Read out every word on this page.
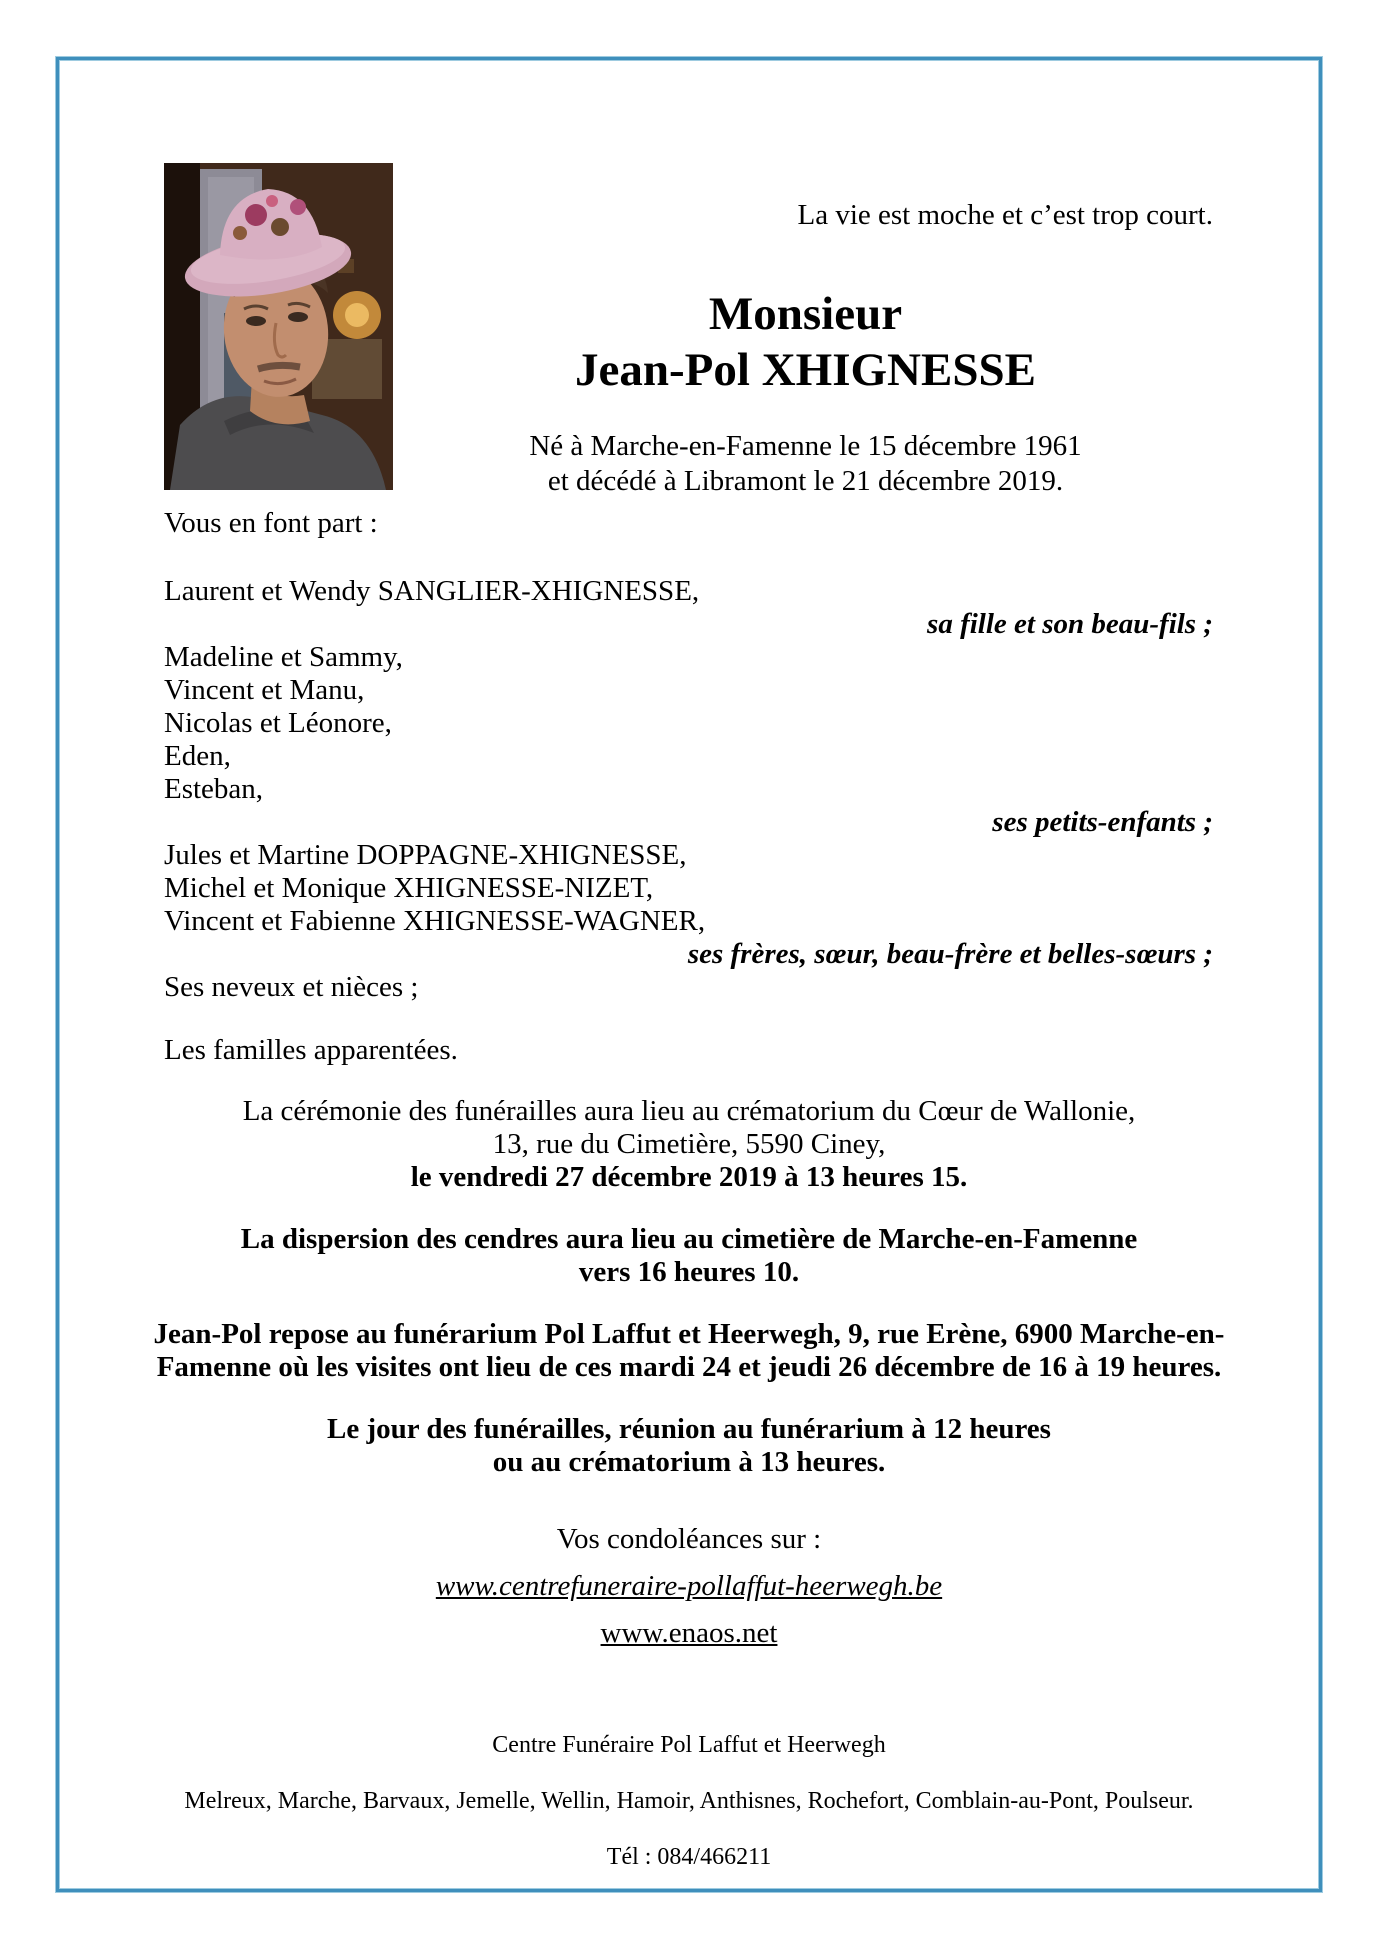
La vie est moche et c’est trop court.
Monsieur
Jean-Pol XHIGNESSE
Né à Marche-en-Famenne le 15 décembre 1961
et décédé à Libramont le 21 décembre 2019.
Vous en font part :
Laurent et Wendy SANGLIER-XHIGNESSE,
sa fille et son beau-fils ;
Madeline et Sammy,
Vincent et Manu,
Nicolas et Léonore,
Eden,
Esteban,
ses petits-enfants ;
Jules et Martine DOPPAGNE-XHIGNESSE,
Michel et Monique XHIGNESSE-NIZET,
Vincent et Fabienne XHIGNESSE-WAGNER,
ses frères, sœur, beau-frère et belles-sœurs ;
Ses neveux et nièces ;
Les familles apparentées.
La cérémonie des funérailles aura lieu au crématorium du Cœur de Wallonie,
13, rue du Cimetière, 5590 Ciney,
le vendredi 27 décembre 2019 à 13 heures 15.
La dispersion des cendres aura lieu au cimetière de Marche-en-Famenne
vers 16 heures 10.
Jean-Pol repose au funérarium Pol Laffut et Heerwegh, 9, rue Erène, 6900 Marche-en-
Famenne où les visites ont lieu de ces mardi 24 et jeudi 26 décembre de 16 à 19 heures.
Le jour des funérailles, réunion au funérarium à 12 heures
ou au crématorium à 13 heures.
Vos condoléances sur :
www.centrefuneraire-pollaffut-heerwegh.be
www.enaos.net
Centre Funéraire Pol Laffut et Heerwegh
Melreux, Marche, Barvaux, Jemelle, Wellin, Hamoir, Anthisnes, Rochefort, Comblain-au-Pont, Poulseur.
Tél : 084/466211
